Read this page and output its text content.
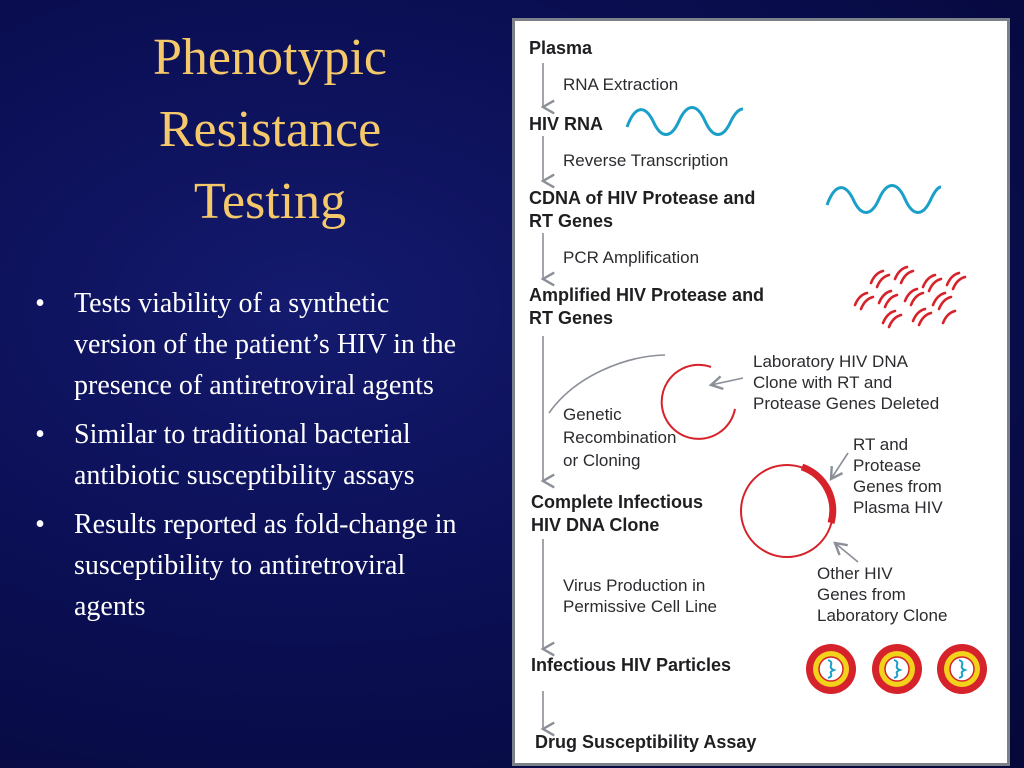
Phenotypic
Resistance
Testing
• Tests viability of a synthetic version of the patient’s HIV in the presence of antiretroviral agents
• Similar to traditional bacterial antibiotic susceptibility assays
• Results reported as fold-change in susceptibility to antiretroviral agents
Plasma
HIV RNA
CDNA of HIV Protease and
RT Genes
Amplified HIV Protease and
RT Genes
Complete Infectious
HIV DNA Clone
Infectious HIV Particles
Drug Susceptibility Assay
RNA Extraction
Reverse Transcription
PCR Amplification
Genetic
Recombination
or Cloning
Virus Production in
Permissive Cell Line
Laboratory HIV DNA
Clone with RT and
Protease Genes Deleted
RT and
Protease
Genes from
Plasma HIV
Other HIV
Genes from
Laboratory Clone
